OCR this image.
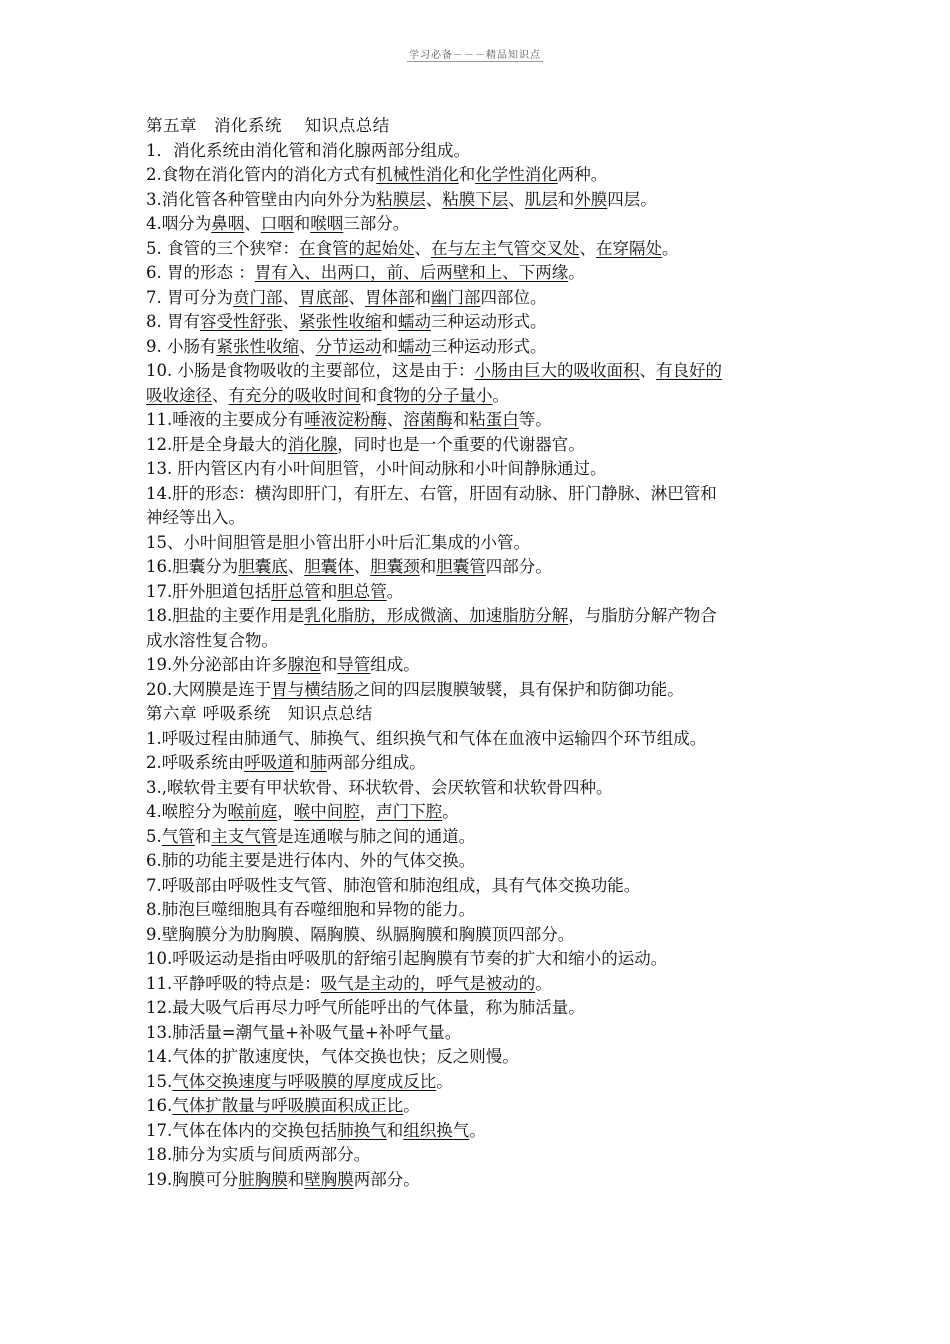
学习必备－－－精品知识点
第五章　消化系统　 知识点总结
1．消化系统由消化管和消化腺两部分组成。
2.食物在消化管内的消化方式有机械性消化和化学性消化两种。
3.消化管各种管壁由内向外分为粘膜层、粘膜下层、肌层和外膜四层。
4.咽分为鼻咽、口咽和喉咽三部分。
5. 食管的三个狭窄：在食管的起始处、在与左主气管交叉处、在穿隔处。
6. 胃的形态 ：胃有入、出两口，前、后两壁和上、下两缘。
7. 胃可分为贲门部、胃底部、胃体部和幽门部四部位。
8. 胃有容受性舒张、紧张性收缩和蠕动三种运动形式。
9. 小肠有紧张性收缩、分节运动和蠕动三种运动形式。
10. 小肠是食物吸收的主要部位，这是由于：小肠由巨大的吸收面积、有良好的
吸收途径、有充分的吸收时间和食物的分子量小。
11.唾液的主要成分有唾液淀粉酶、溶菌酶和粘蛋白等。
12.肝是全身最大的消化腺，同时也是一个重要的代谢器官。
13. 肝内管区内有小叶间胆管，小叶间动脉和小叶间静脉通过。
14.肝的形态：横沟即肝门，有肝左、右管，肝固有动脉、肝门静脉、淋巴管和
神经等出入。
15、小叶间胆管是胆小管出肝小叶后汇集成的小管。
16.胆囊分为胆囊底、胆囊体、胆囊颈和胆囊管四部分。
17.肝外胆道包括肝总管和胆总管。
18.胆盐的主要作用是乳化脂肪，形成微滴、加速脂肪分解，与脂肪分解产物合
成水溶性复合物。
19.外分泌部由许多腺泡和导管组成。
20.大网膜是连于胃与横结肠之间的四层腹膜皱襞，具有保护和防御功能。
第六章 呼吸系统　知识点总结
1.呼吸过程由肺通气、肺换气、组织换气和气体在血液中运输四个环节组成。
2.呼吸系统由呼吸道和肺两部分组成。
3.,喉软骨主要有甲状软骨、环状软骨、会厌软管和状软骨四种。
4.喉腔分为喉前庭，喉中间腔，声门下腔。
5.气管和主支气管是连通喉与肺之间的通道。
6.肺的功能主要是进行体内、外的气体交换。
7.呼吸部由呼吸性支气管、肺泡管和肺泡组成，具有气体交换功能。
8.肺泡巨噬细胞具有吞噬细胞和异物的能力。
9.壁胸膜分为肋胸膜、隔胸膜、纵膈胸膜和胸膜顶四部分。
10.呼吸运动是指由呼吸肌的舒缩引起胸膜有节奏的扩大和缩小的运动。
11.平静呼吸的特点是：吸气是主动的，呼气是被动的。
12.最大吸气后再尽力呼气所能呼出的气体量，称为肺活量。
13.肺活量=潮气量+补吸气量+补呼气量。
14.气体的扩散速度快，气体交换也快；反之则慢。
15.气体交换速度与呼吸膜的厚度成反比。
16.气体扩散量与呼吸膜面积成正比。
17.气体在体内的交换包括肺换气和组织换气。
18.肺分为实质与间质两部分。
19.胸膜可分脏胸膜和壁胸膜两部分。
